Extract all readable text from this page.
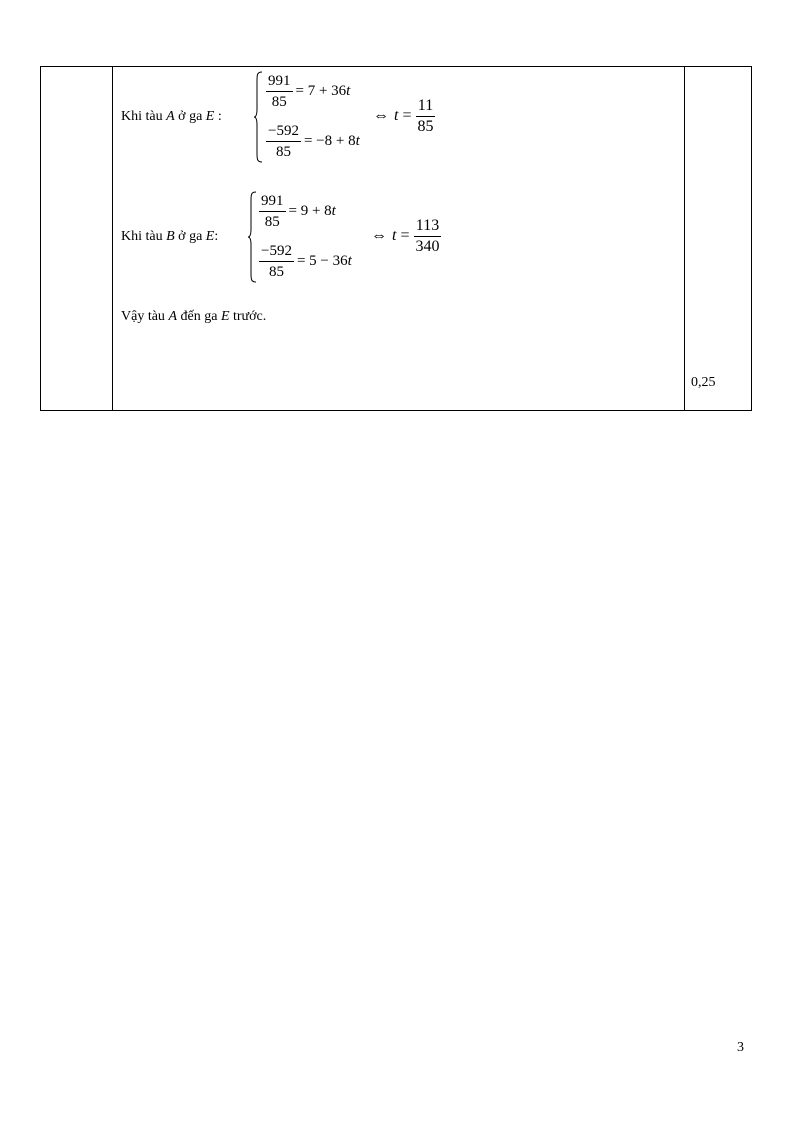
Khi tàu A ở ga E :
$\frac{991}{85} = 7 + 36t$
$\frac{-592}{85} = -8 + 8t$
⇔ $t = \frac{11}{85}$
Khi tàu B ở ga E:
$\frac{991}{85} = 9 + 8t$
$\frac{-592}{85} = 5 - 36t$
⇔ $t = \frac{113}{340}$
Vậy tàu A đến ga E trước.
0,25
3
